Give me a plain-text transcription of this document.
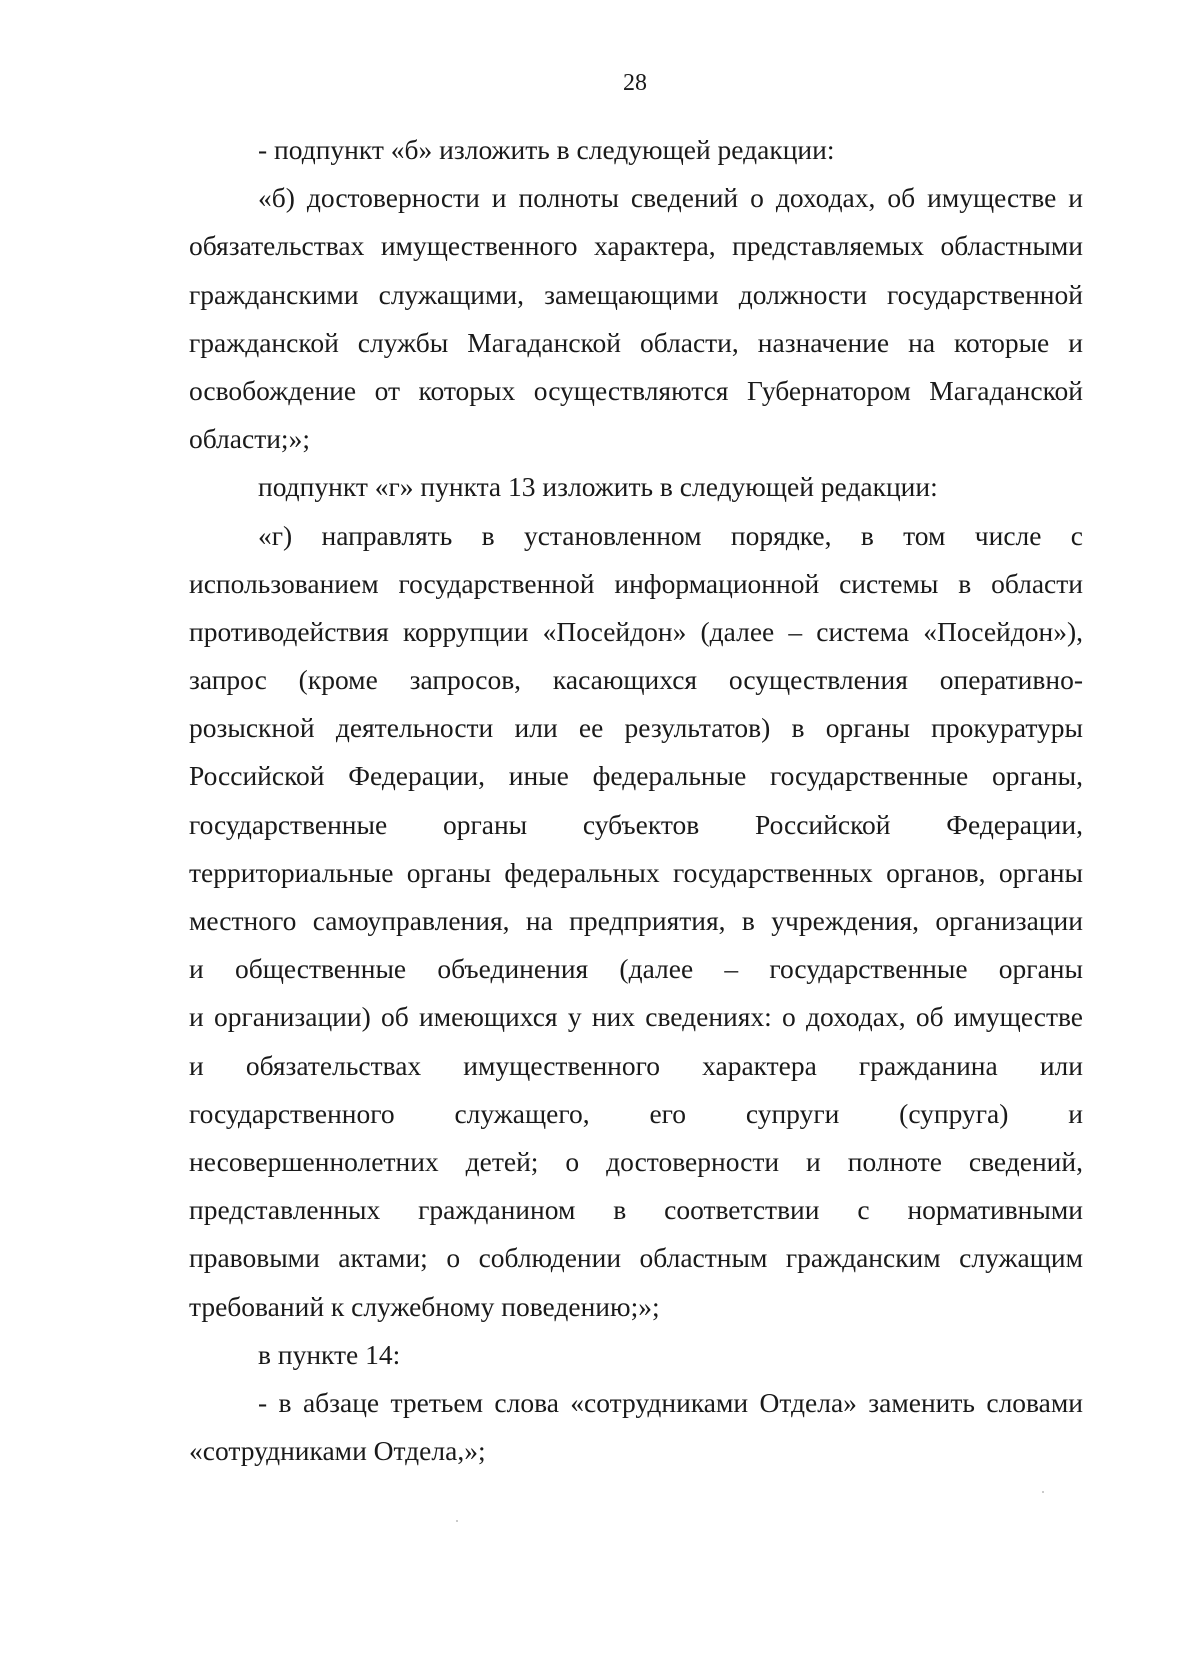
28
- подпункт «б» изложить в следующей редакции:
«б) достоверности и полноты сведений о доходах, об имуществе и
обязательствах имущественного характера, представляемых областными
гражданскими служащими, замещающими должности государственной
гражданской службы Магаданской области, назначение на которые и
освобождение от которых осуществляются Губернатором Магаданской
области;»;
подпункт «г» пункта 13 изложить в следующей редакции:
«г) направлять в установленном порядке, в том числе с
использованием государственной информационной системы в области
противодействия коррупции «Посейдон» (далее – система «Посейдон»),
запрос (кроме запросов, касающихся осуществления оперативно-
розыскной деятельности или ее результатов) в органы прокуратуры
Российской Федерации, иные федеральные государственные органы,
государственные органы субъектов Российской Федерации,
территориальные органы федеральных государственных органов, органы
местного самоуправления, на предприятия, в учреждения, организации
и общественные объединения (далее – государственные органы
и организации) об имеющихся у них сведениях: о доходах, об имуществе
и обязательствах имущественного характера гражданина или
государственного служащего, его супруги (супруга) и
несовершеннолетних детей; о достоверности и полноте сведений,
представленных гражданином в соответствии с нормативными
правовыми актами; о соблюдении областным гражданским служащим
требований к служебному поведению;»;
в пункте 14:
- в абзаце третьем слова «сотрудниками Отдела» заменить словами
«сотрудниками Отдела,»;
